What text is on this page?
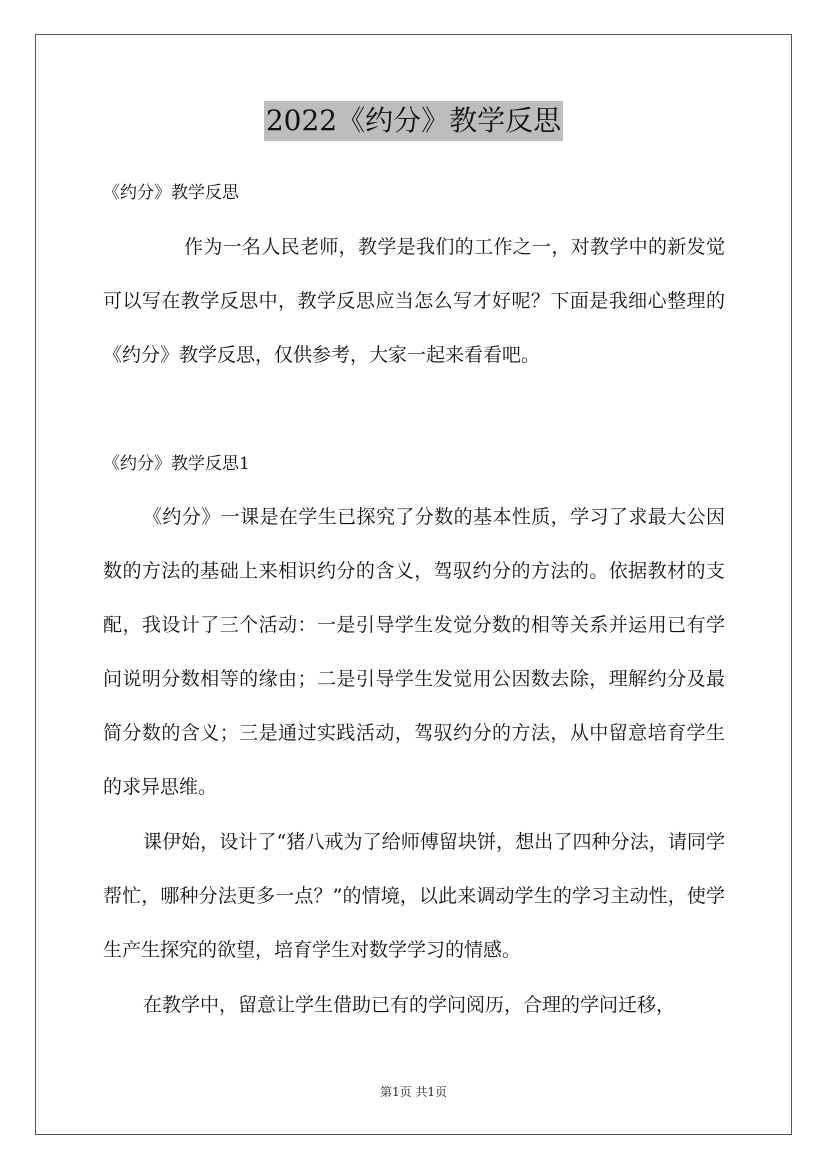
2022《约分》教学反思
《约分》教学反思

作为一名人民老师，教学是我们的工作之一，对教学中的新发觉可以写在教学反思中，教学反思应当怎么写才好呢？下面是我细心整理的《约分》教学反思，仅供参考，大家一起来看看吧。

《约分》教学反思1

《约分》一课是在学生已探究了分数的基本性质，学习了求最大公因数的方法的基础上来相识约分的含义，驾驭约分的方法的。依据教材的支配，我设计了三个活动：一是引导学生发觉分数的相等关系并运用已有学问说明分数相等的缘由；二是引导学生发觉用公因数去除，理解约分及最简分数的含义；三是通过实践活动，驾驭约分的方法，从中留意培育学生的求异思维。

课伊始，设计了“猪八戒为了给师傅留块饼，想出了四种分法，请同学帮忙，哪种分法更多一点？”的情境，以此来调动学生的学习主动性，使学生产生探究的欲望，培育学生对数学学习的情感。

在教学中，留意让学生借助已有的学问阅历，合理的学问迁移，

第1页 共1页
